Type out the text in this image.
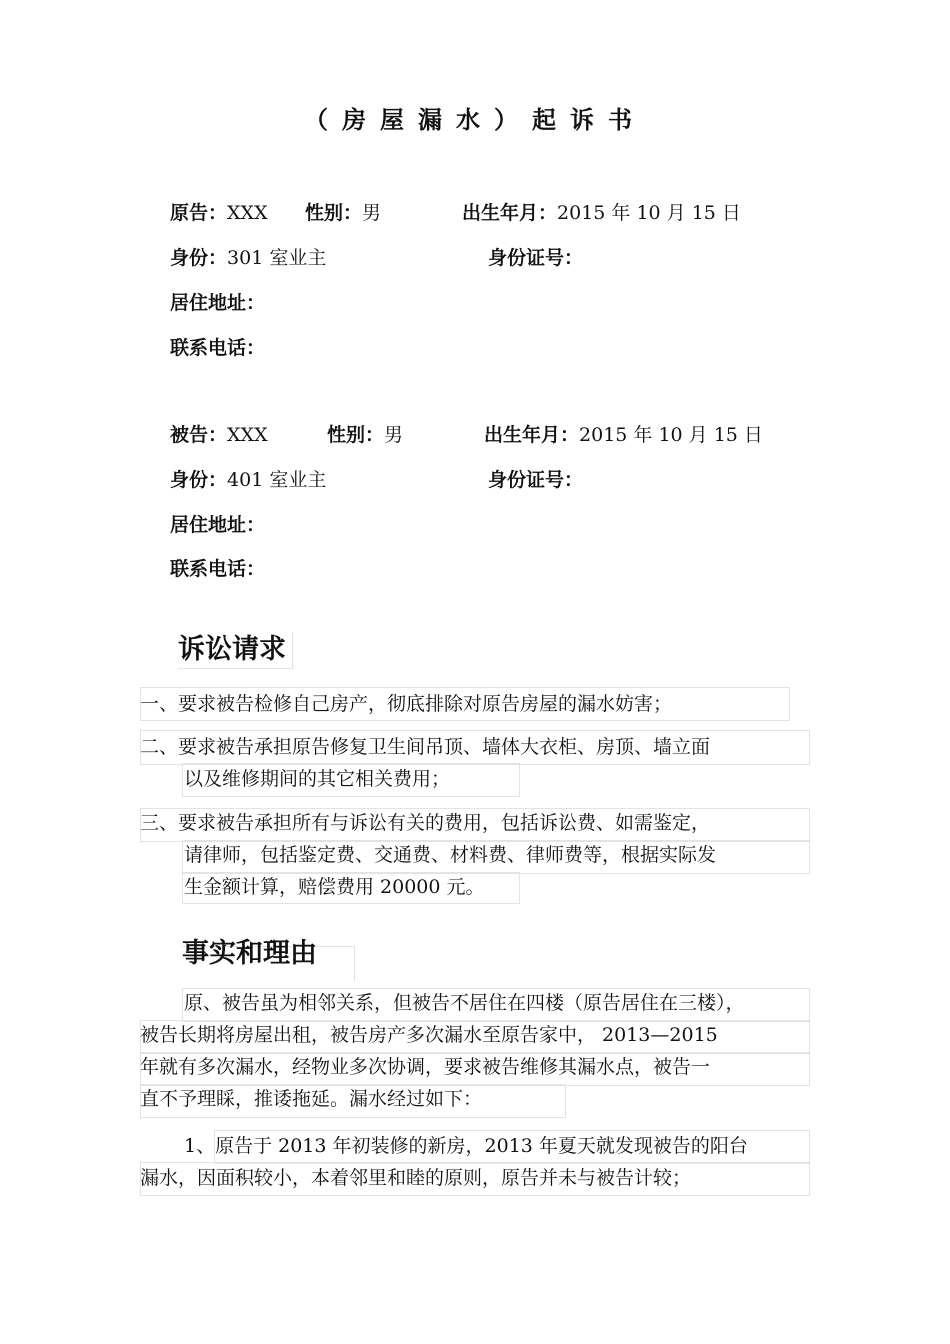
（房屋漏水）起诉书
原告：XXX 性别：男	出生年月：2015 年 10 月 15 日
身份：301 室业主	身份证号：
居住地址：
联系电话：
被告：XXX	性别：男	出生年月：2015 年 10 月 15 日
身份：401 室业主	身份证号：
居住地址：
联系电话：
诉讼请求
一、要求被告检修自己房产，彻底排除对原告房屋的漏水妨害；
二、要求被告承担原告修复卫生间吊顶、墙体大衣柜、房顶、墙立面
以及维修期间的其它相关费用；
三、要求被告承担所有与诉讼有关的费用，包括诉讼费、如需鉴定，
请律师，包括鉴定费、交通费、材料费、律师费等，根据实际发
生金额计算，赔偿费用 20000 元。
事实和理由
原、被告虽为相邻关系，但被告不居住在四楼（原告居住在三楼），
被告长期将房屋出租，被告房产多次漏水至原告家中， 2013—2015
年就有多次漏水，经物业多次协调，要求被告维修其漏水点，被告一
直不予理睬，推诿拖延。漏水经过如下：
1、原告于 2013 年初装修的新房，2013 年夏天就发现被告的阳台
漏水，因面积较小，本着邻里和睦的原则，原告并未与被告计较；
